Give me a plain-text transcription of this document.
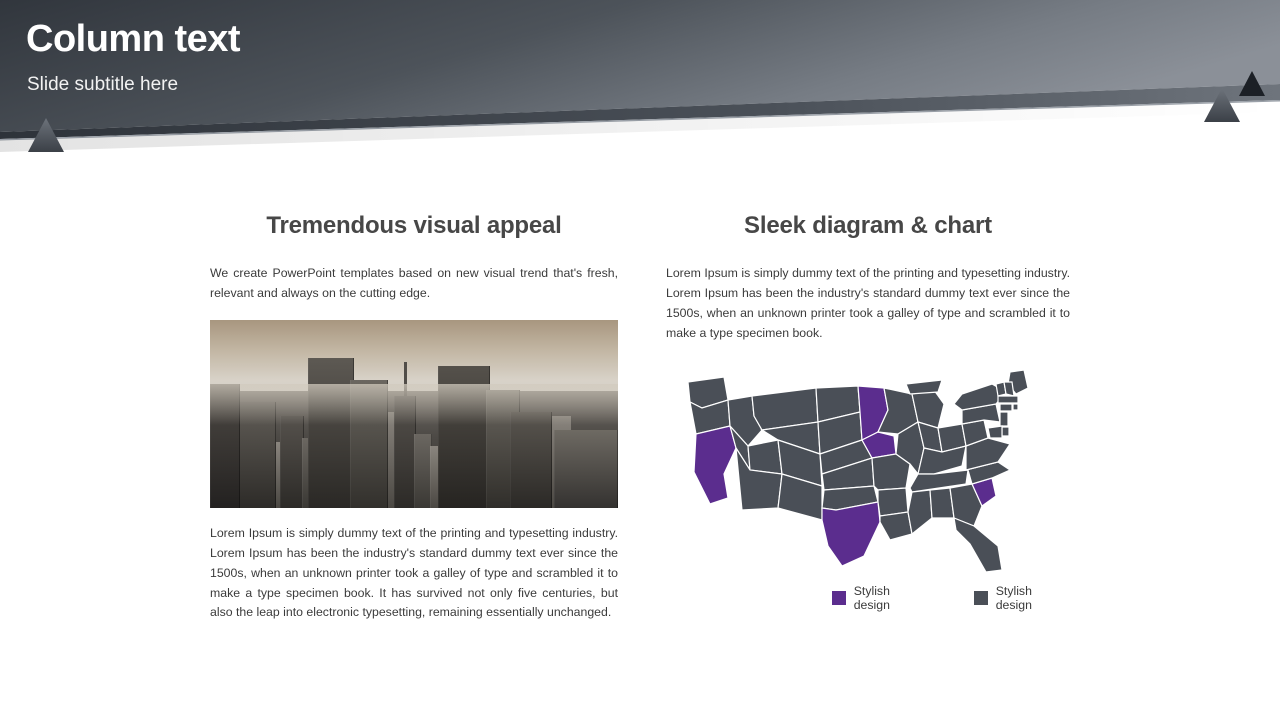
Column text
Slide subtitle here
Tremendous visual appeal

We create PowerPoint templates based on new visual trend that's fresh, relevant and always on the cutting edge.

Lorem Ipsum is simply dummy text of the printing and typesetting industry. Lorem Ipsum has been the industry's standard dummy text ever since the 1500s, when an unknown printer took a galley of type and scrambled it to make a type specimen book. It has survived not only five centuries, but also the leap into electronic typesetting, remaining essentially unchanged.

Sleek diagram & chart

Lorem Ipsum is simply dummy text of the printing and typesetting industry. Lorem Ipsum has been the industry's standard dummy text ever since the 1500s, when an unknown printer took a galley of type and scrambled it to make a type specimen book.

Stylish design
Stylish design
